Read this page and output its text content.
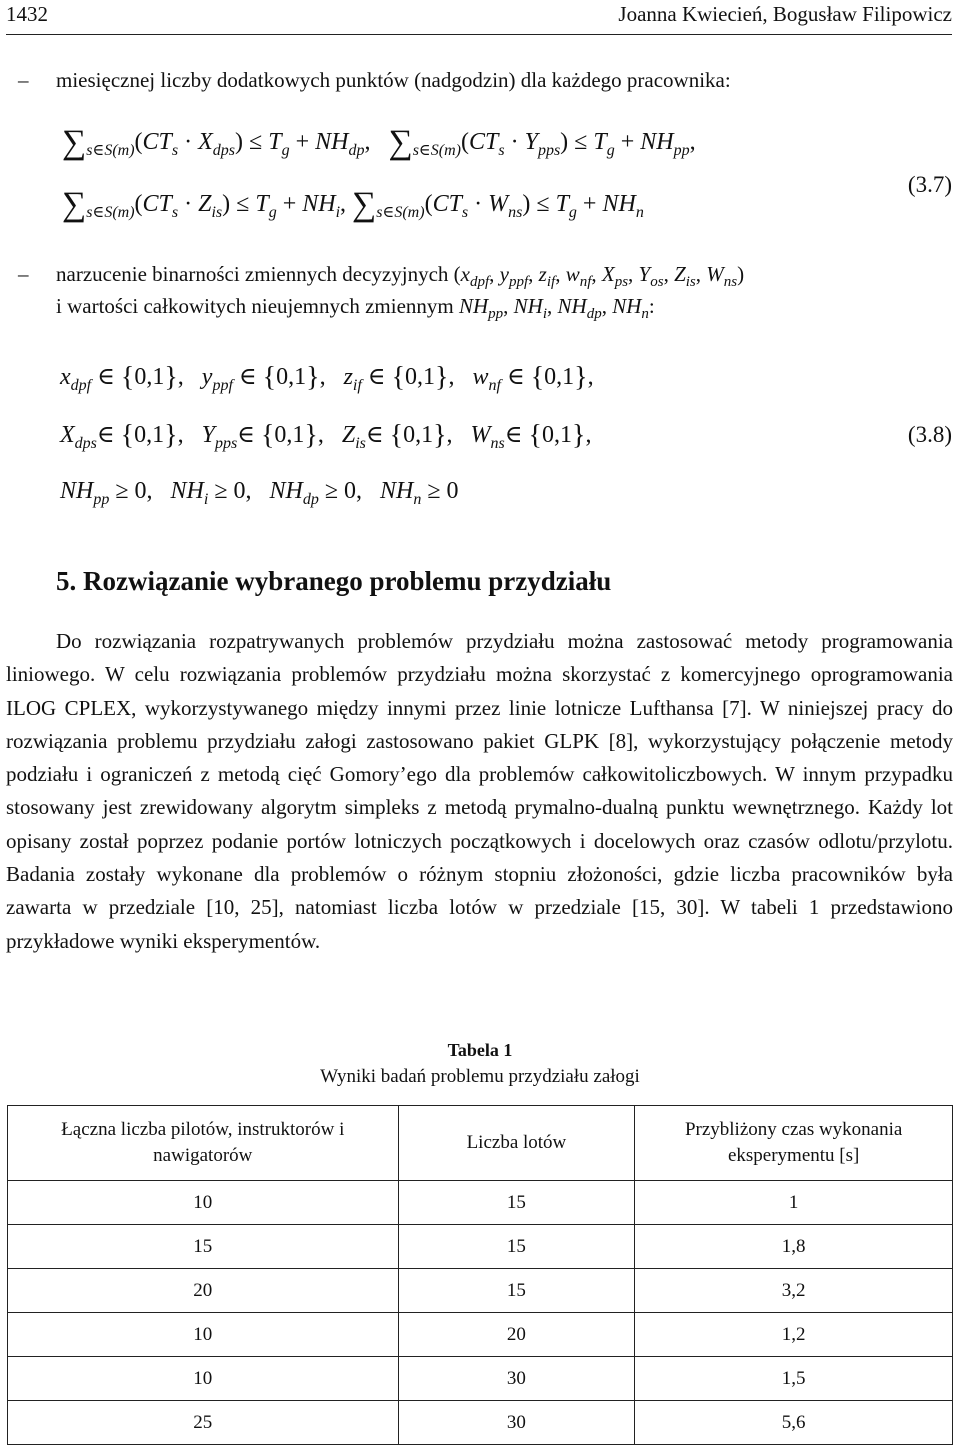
1432	Joanna Kwiecień, Bogusław Filipowicz
– miesięcznej liczby dodatkowych punktów (nadgodzin) dla każdego pracownika:
$\sum_{s\in S(m)}(CT_s \cdot X_{dps}) \le T_g + NH_{dp}$,   $\sum_{s\in S(m)}(CT_s \cdot Y_{pps}) \le T_g + NH_{pp}$,
$\sum_{s\in S(m)}(CT_s \cdot Z_{is}) \le T_g + NH_i$, $\sum_{s\in S(m)}(CT_s \cdot W_{ns}) \le T_g + NH_n$
(3.7)
– narzucenie binarności zmiennych decyzyjnych ($x_{dpf}$, $y_{ppf}$, $z_{if}$, $w_{nf}$, $X_{ps}$, $Y_{os}$, $Z_{is}$, $W_{ns}$)
i wartości całkowitych nieujemnych zmiennym $NH_{pp}$, $NH_i$, $NH_{dp}$, $NH_n$:
$x_{dpf}$ ∈ {0,1},   $y_{ppf}$ ∈ {0,1},   $z_{if}$ ∈ {0,1},   $w_{nf}$ ∈ {0,1},
$X_{dps}\in$ {0,1},   $Y_{pps}\in$ {0,1},   $Z_{is}\in$ {0,1},   $W_{ns}\in$ {0,1},	(3.8)
$NH_{pp} \ge 0$,   $NH_i \ge 0$,   $NH_{dp} \ge 0$,   $NH_n \ge 0$
5. Rozwiązanie wybranego problemu przydziału

Do rozwiązania rozpatrywanych problemów przydziału można zastosować metody programowania liniowego. W celu rozwiązania problemów przydziału można skorzystać z komercyjnego oprogramowania ILOG CPLEX, wykorzystywanego między innymi przez linie lotnicze Lufthansa [7]. W niniejszej pracy do rozwiązania problemu przydziału załogi zastosowano pakiet GLPK [8], wykorzystujący połączenie metody podziału i ograniczeń z metodą cięć Gomory’ego dla problemów całkowitoliczbowych. W innym przypadku stosowany jest zrewidowany algorytm simpleks z metodą prymalno-dualną punktu wewnętrznego. Każdy lot opisany został poprzez podanie portów lotniczych początkowych i docelowych oraz czasów odlotu/przylotu. Badania zostały wykonane dla problemów o różnym stopniu złożoności, gdzie liczba pracowników była zawarta w przedziale [10, 25], natomiast liczba lotów w przedziale [15, 30]. W tabeli 1 przedstawiono przykładowe wyniki eksperymentów.

Tabela 1
Wyniki badań problemu przydziału załogi
Łączna liczba pilotów, instruktorów i nawigatorów	Liczba lotów	Przybliżony czas wykonania eksperymentu [s]
10	15	1
15	15	1,8
20	15	3,2
10	20	1,2
10	30	1,5
25	30	5,6
